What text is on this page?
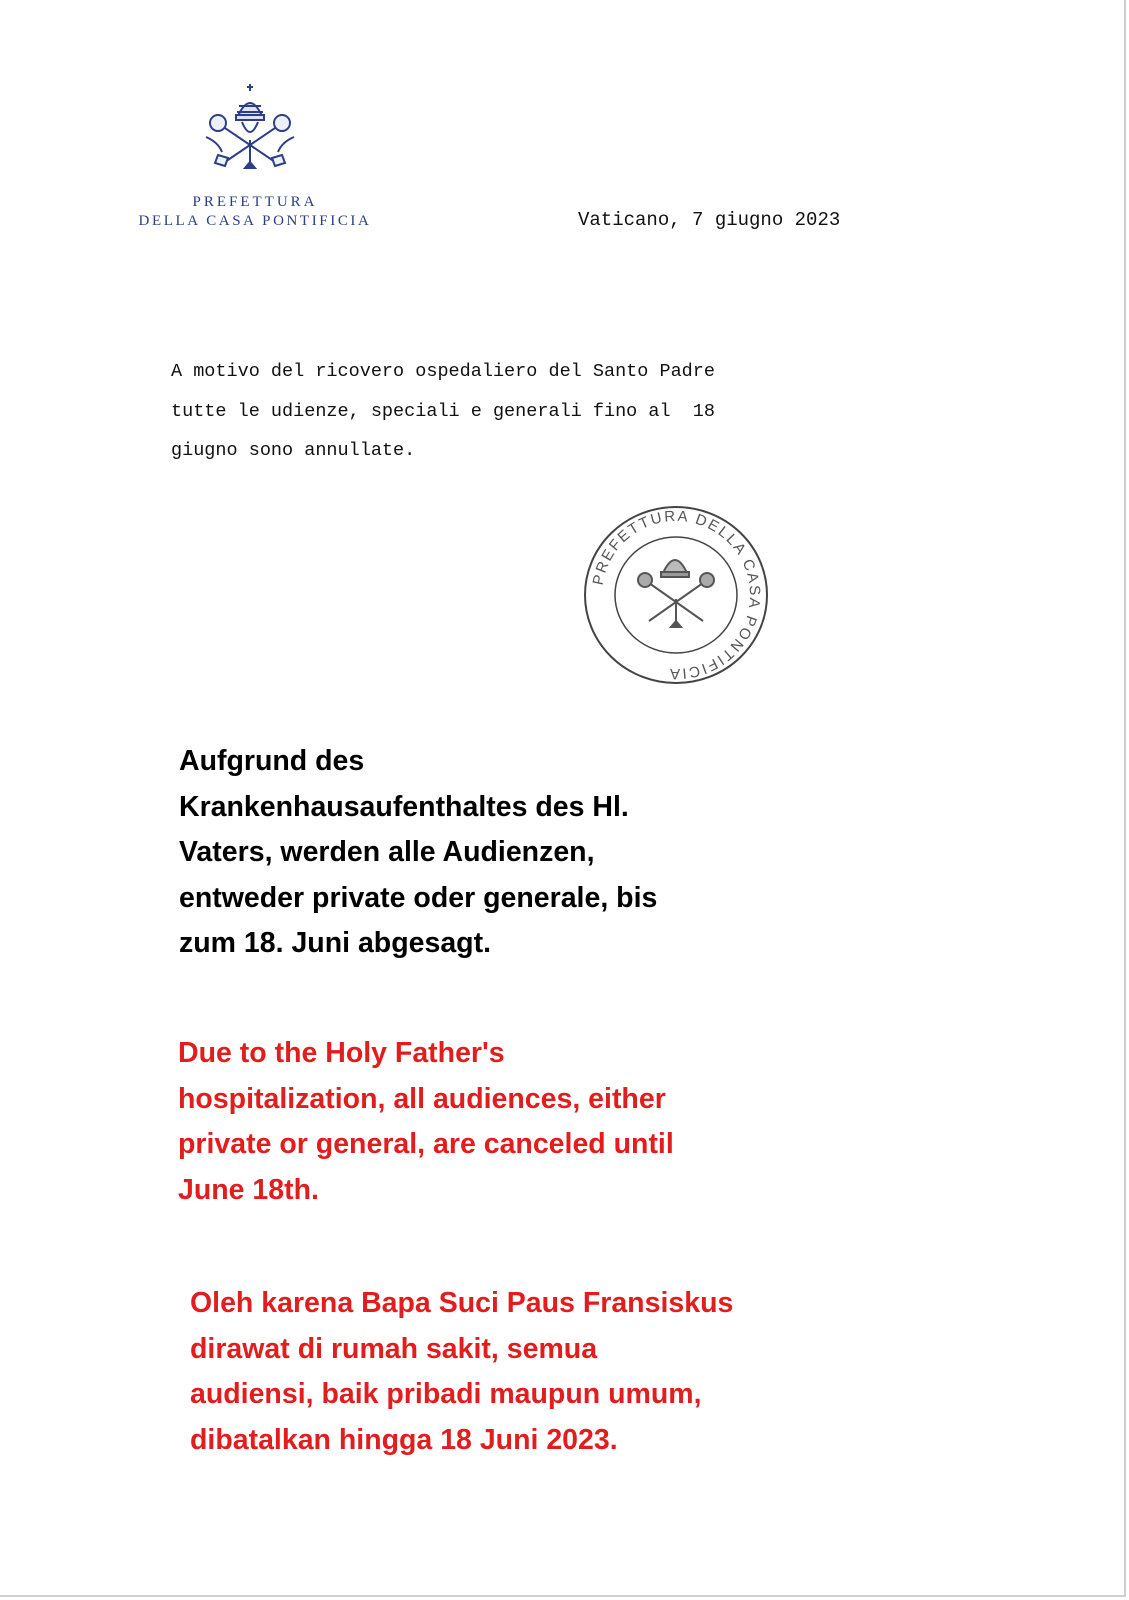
PREFETTURA
DELLA CASA PONTIFICIA	Vaticano, 7 giugno 2023
A motivo del ricovero ospedaliero del Santo Padre
tutte le udienze, speciali e generali fino al  18
giugno sono annullate.
PREFETTURA DELLA CASA PONTIFICIA
Aufgrund des
Krankenhausaufenthaltes des Hl.
Vaters, werden alle Audienzen,
entweder private oder generale, bis
zum 18. Juni abgesagt.
Due to the Holy Father's
hospitalization, all audiences, either
private or general, are canceled until
June 18th.
Oleh karena Bapa Suci Paus Fransiskus
dirawat di rumah sakit, semua
audiensi, baik pribadi maupun umum,
dibatalkan hingga 18 Juni 2023.
